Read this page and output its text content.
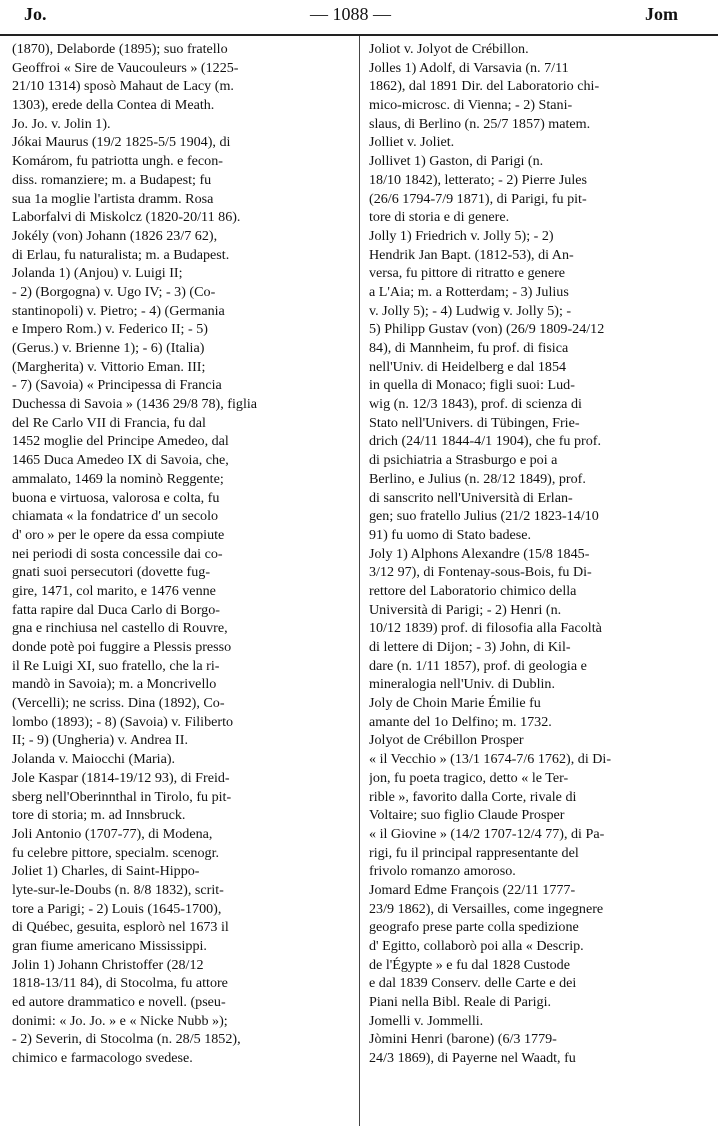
Jo.	— 1088 —	Jom
(1870), Delaborde (1895); suo fratello
Geoffroi « Sire de Vaucouleurs » (1225-
21/10 1314) sposò Mahaut de Lacy (m.
1303), erede della Contea di Meath.
Jo. Jo. v. Jolin 1).
Jókai Maurus (19/2 1825-5/5 1904), di
Komárom, fu patriotta ungh. e fecon-
diss. romanziere; m. a Budapest; fu
sua 1a moglie l'artista dramm. Rosa
Laborfalvi di Miskolcz (1820-20/11 86).
Jokély (von) Johann (1826 23/7 62),
di Erlau, fu naturalista; m. a Budapest.
Jolanda 1) (Anjou) v. Luigi II;
- 2) (Borgogna) v. Ugo IV; - 3) (Co-
stantinopoli) v. Pietro; - 4) (Germania
e Impero Rom.) v. Federico II; - 5)
(Gerus.) v. Brienne 1); - 6) (Italia)
(Margherita) v. Vittorio Eman. III;
- 7) (Savoia) « Principessa di Francia
Duchessa di Savoia » (1436 29/8 78), figlia
del Re Carlo VII di Francia, fu dal
1452 moglie del Principe Amedeo, dal
1465 Duca Amedeo IX di Savoia, che,
ammalato, 1469 la nominò Reggente;
buona e virtuosa, valorosa e colta, fu
chiamata « la fondatrice d' un secolo
d' oro » per le opere da essa compiute
nei periodi di sosta concessile dai co-
gnati suoi persecutori (dovette fug-
gire, 1471, col marito, e 1476 venne
fatta rapire dal Duca Carlo di Borgo-
gna e rinchiusa nel castello di Rouvre,
donde potè poi fuggire a Plessis presso
il Re Luigi XI, suo fratello, che la ri-
mandò in Savoia); m. a Moncrivello
(Vercelli); ne scriss. Dina (1892), Co-
lombo (1893); - 8) (Savoia) v. Filiberto
II; - 9) (Ungheria) v. Andrea II.
Jolanda v. Maiocchi (Maria).
Jole Kaspar (1814-19/12 93), di Freid-
sberg nell'Oberinnthal in Tirolo, fu pit-
tore di storia; m. ad Innsbruck.
Joli Antonio (1707-77), di Modena,
fu celebre pittore, specialm. scenogr.
Joliet 1) Charles, di Saint-Hippo-
lyte-sur-le-Doubs (n. 8/8 1832), scrit-
tore a Parigi; - 2) Louis (1645-1700),
di Québec, gesuita, esplorò nel 1673 il
gran fiume americano Mississippi.
Jolin 1) Johann Christoffer (28/12
1818-13/11 84), di Stocolma, fu attore
ed autore drammatico e novell. (pseu-
donimi: « Jo. Jo. » e « Nicke Nubb »);
- 2) Severin, di Stocolma (n. 28/5 1852),
chimico e farmacologo svedese.
Joliot v. Jolyot de Crébillon.
Jolles 1) Adolf, di Varsavia (n. 7/11
1862), dal 1891 Dir. del Laboratorio chi-
mico-microsc. di Vienna; - 2) Stani-
slaus, di Berlino (n. 25/7 1857) matem.
Jolliet v. Joliet.
Jollivet 1) Gaston, di Parigi (n.
18/10 1842), letterato; - 2) Pierre Jules
(26/6 1794-7/9 1871), di Parigi, fu pit-
tore di storia e di genere.
Jolly 1) Friedrich v. Jolly 5); - 2)
Hendrik Jan Bapt. (1812-53), di An-
versa, fu pittore di ritratto e genere
a L'Aia; m. a Rotterdam; - 3) Julius
v. Jolly 5); - 4) Ludwig v. Jolly 5); -
5) Philipp Gustav (von) (26/9 1809-24/12
84), di Mannheim, fu prof. di fisica
nell'Univ. di Heidelberg e dal 1854
in quella di Monaco; figli suoi: Lud-
wig (n. 12/3 1843), prof. di scienza di
Stato nell'Univers. di Tübingen, Frie-
drich (24/11 1844-4/1 1904), che fu prof.
di psichiatria a Strasburgo e poi a
Berlino, e Julius (n. 28/12 1849), prof.
di sanscrito nell'Università di Erlan-
gen; suo fratello Julius (21/2 1823-14/10
91) fu uomo di Stato badese.
Joly 1) Alphons Alexandre (15/8 1845-
3/12 97), di Fontenay-sous-Bois, fu Di-
rettore del Laboratorio chimico della
Università di Parigi; - 2) Henri (n.
10/12 1839) prof. di filosofia alla Facoltà
di lettere di Dijon; - 3) John, di Kil-
dare (n. 1/11 1857), prof. di geologia e
mineralogia nell'Univ. di Dublin.
Joly de Choin Marie Émilie fu
amante del 1o Delfino; m. 1732.
Jolyot de Crébillon Prosper
« il Vecchio » (13/1 1674-7/6 1762), di Di-
jon, fu poeta tragico, detto « le Ter-
rible », favorito dalla Corte, rivale di
Voltaire; suo figlio Claude Prosper
« il Giovine » (14/2 1707-12/4 77), di Pa-
rigi, fu il principal rappresentante del
frivolo romanzo amoroso.
Jomard Edme François (22/11 1777-
23/9 1862), di Versailles, come ingegnere
geografo prese parte colla spedizione
d' Egitto, collaborò poi alla « Descrip.
de l'Égypte » e fu dal 1828 Custode
e dal 1839 Conserv. delle Carte e dei
Piani nella Bibl. Reale di Parigi.
Jomelli v. Jommelli.
Jòmini Henri (barone) (6/3 1779-
24/3 1869), di Payerne nel Waadt, fu
